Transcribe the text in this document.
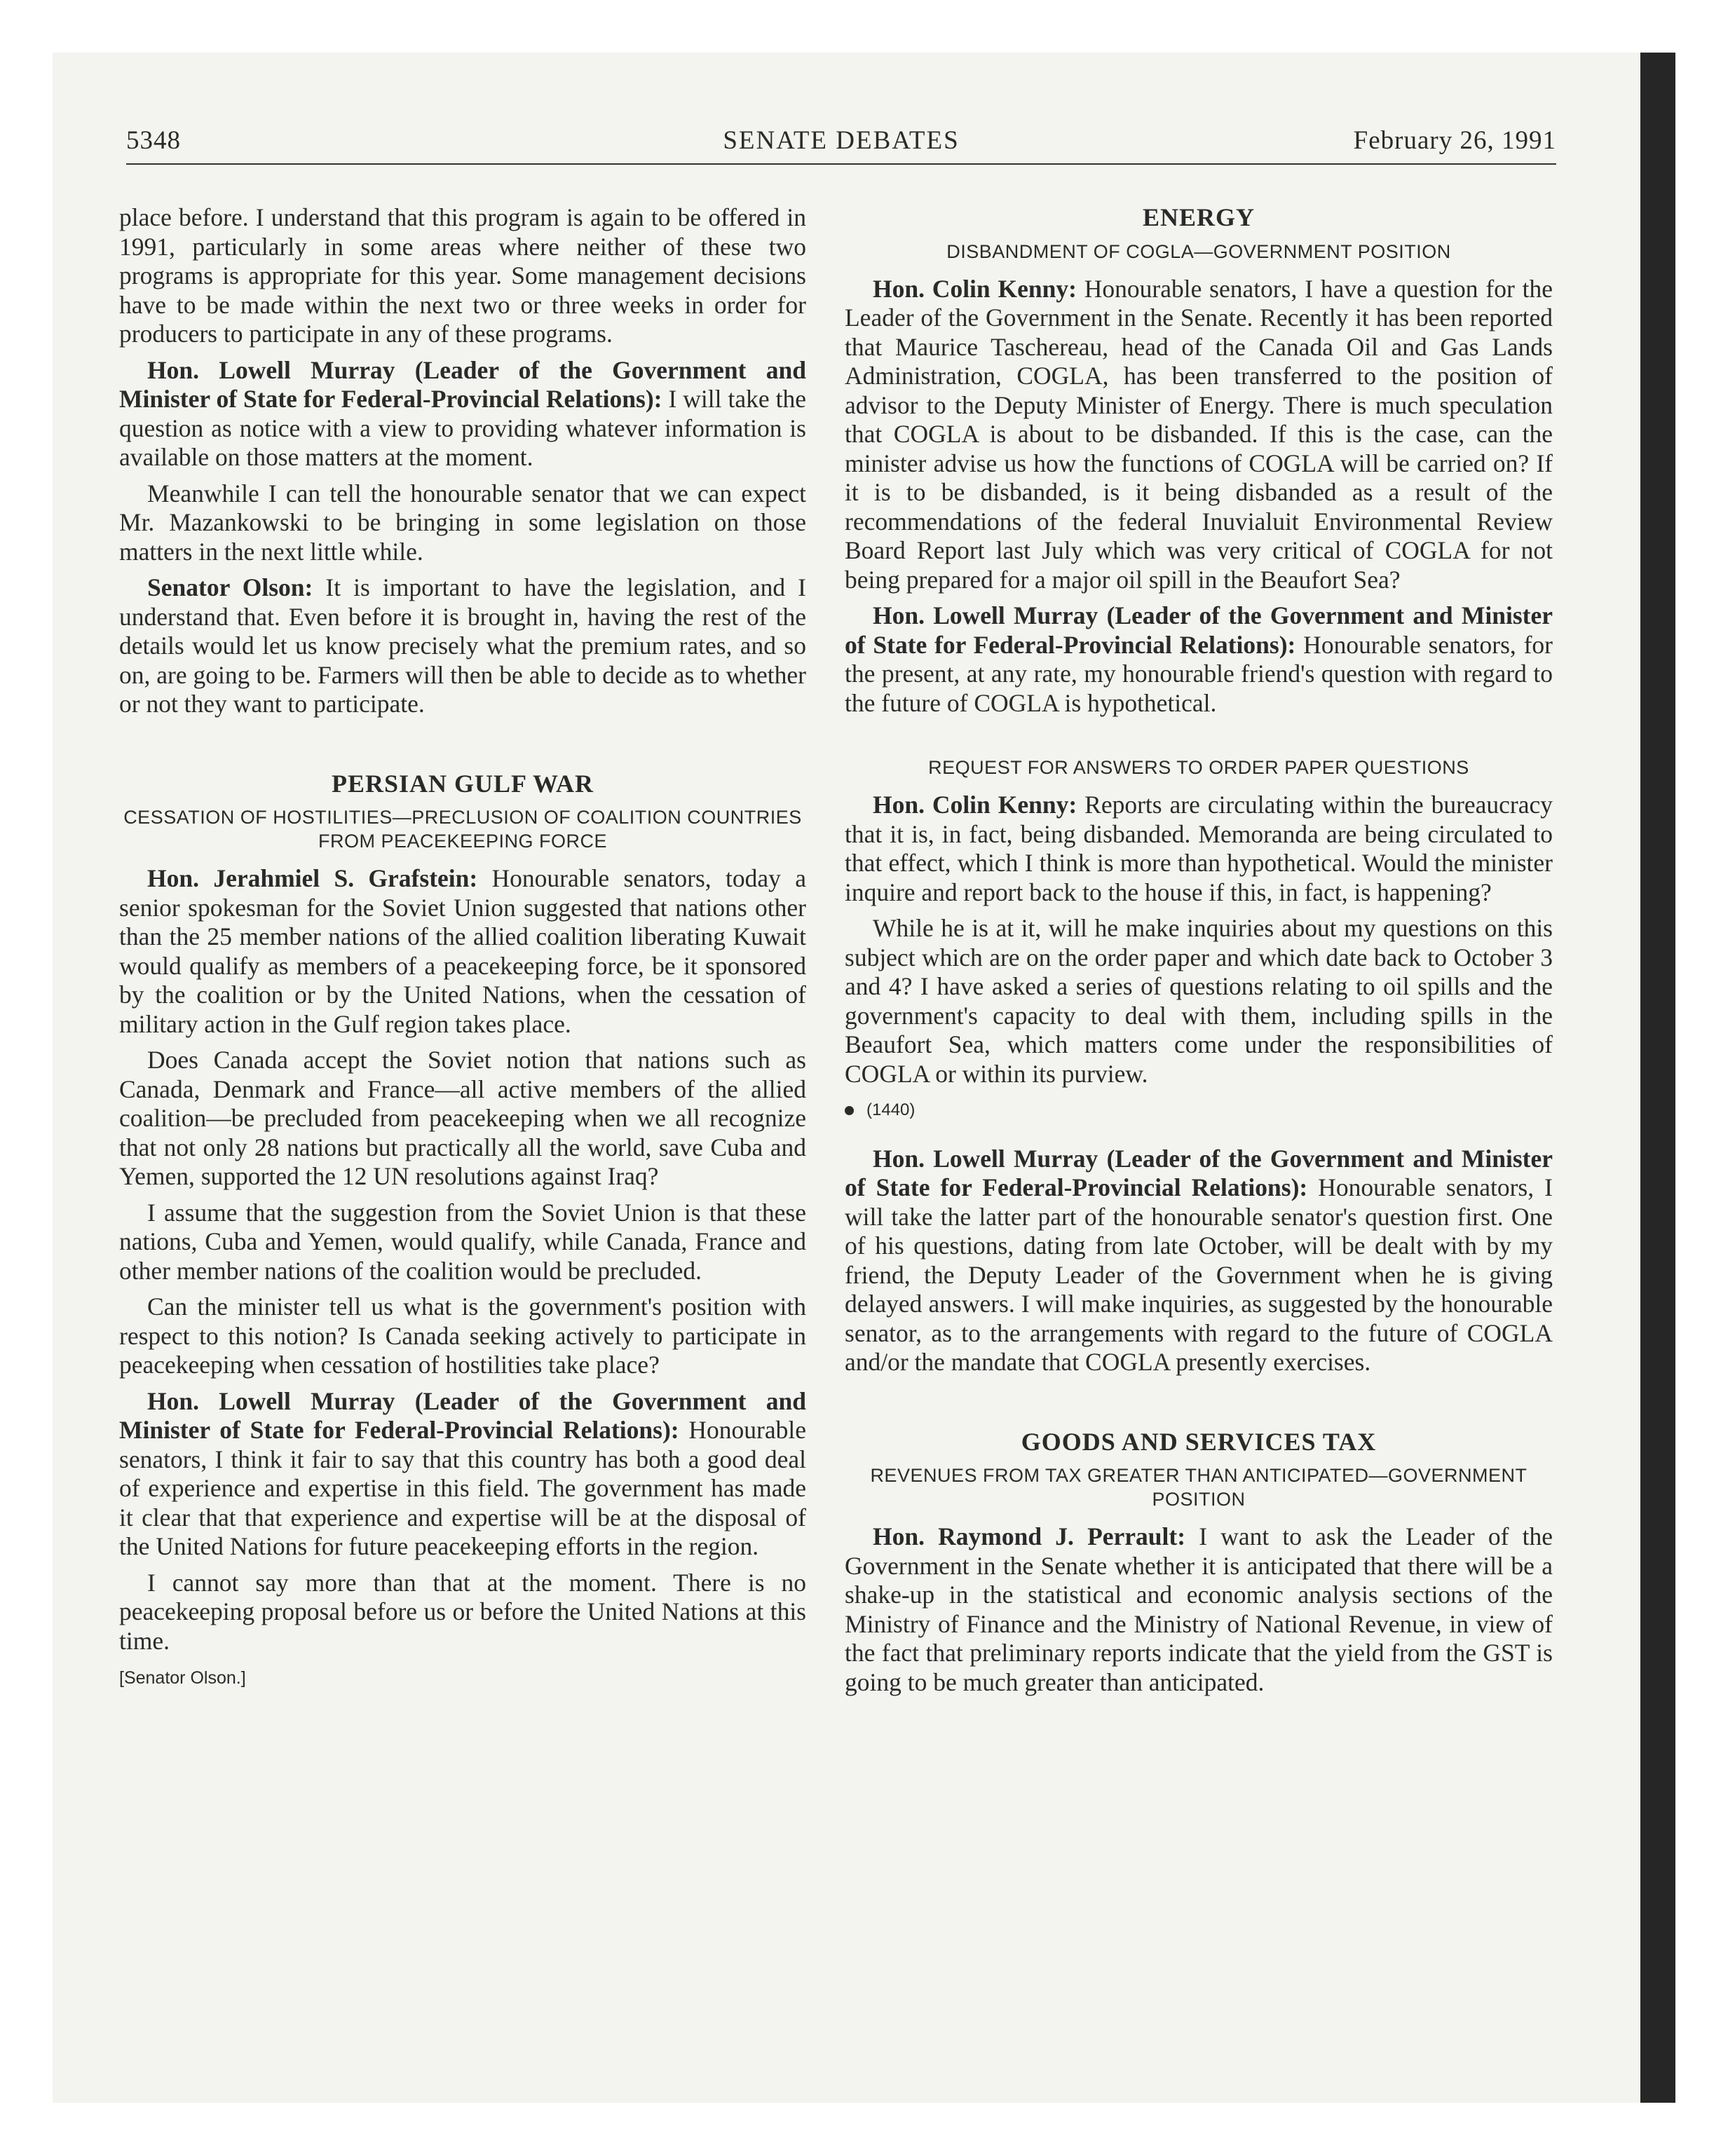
5348	SENATE DEBATES	February 26, 1991

place before. I understand that this program is again to be offered in 1991, particularly in some areas where neither of these two programs is appropriate for this year. Some management decisions have to be made within the next two or three weeks in order for producers to participate in any of these programs.

Hon. Lowell Murray (Leader of the Government and Minister of State for Federal-Provincial Relations): I will take the question as notice with a view to providing whatever information is available on those matters at the moment.

Meanwhile I can tell the honourable senator that we can expect Mr. Mazankowski to be bringing in some legislation on those matters in the next little while.

Senator Olson: It is important to have the legislation, and I understand that. Even before it is brought in, having the rest of the details would let us know precisely what the premium rates, and so on, are going to be. Farmers will then be able to decide as to whether or not they want to participate.

PERSIAN GULF WAR
CESSATION OF HOSTILITIES—PRECLUSION OF COALITION COUNTRIES FROM PEACEKEEPING FORCE

Hon. Jerahmiel S. Grafstein: Honourable senators, today a senior spokesman for the Soviet Union suggested that nations other than the 25 member nations of the allied coalition liberating Kuwait would qualify as members of a peacekeeping force, be it sponsored by the coalition or by the United Nations, when the cessation of military action in the Gulf region takes place.

Does Canada accept the Soviet notion that nations such as Canada, Denmark and France—all active members of the allied coalition—be precluded from peacekeeping when we all recognize that not only 28 nations but practically all the world, save Cuba and Yemen, supported the 12 UN resolutions against Iraq?

I assume that the suggestion from the Soviet Union is that these nations, Cuba and Yemen, would qualify, while Canada, France and other member nations of the coalition would be precluded.

Can the minister tell us what is the government's position with respect to this notion? Is Canada seeking actively to participate in peacekeeping when cessation of hostilities take place?

Hon. Lowell Murray (Leader of the Government and Minister of State for Federal-Provincial Relations): Honourable senators, I think it fair to say that this country has both a good deal of experience and expertise in this field. The government has made it clear that that experience and expertise will be at the disposal of the United Nations for future peacekeeping efforts in the region.

I cannot say more than that at the moment. There is no peacekeeping proposal before us or before the United Nations at this time.

[Senator Olson.]
ENERGY
DISBANDMENT OF COGLA—GOVERNMENT POSITION

Hon. Colin Kenny: Honourable senators, I have a question for the Leader of the Government in the Senate. Recently it has been reported that Maurice Taschereau, head of the Canada Oil and Gas Lands Administration, COGLA, has been transferred to the position of advisor to the Deputy Minister of Energy. There is much speculation that COGLA is about to be disbanded. If this is the case, can the minister advise us how the functions of COGLA will be carried on? If it is to be disbanded, is it being disbanded as a result of the recommendations of the federal Inuvialuit Environmental Review Board Report last July which was very critical of COGLA for not being prepared for a major oil spill in the Beaufort Sea?

Hon. Lowell Murray (Leader of the Government and Minister of State for Federal-Provincial Relations): Honourable senators, for the present, at any rate, my honourable friend's question with regard to the future of COGLA is hypothetical.

REQUEST FOR ANSWERS TO ORDER PAPER QUESTIONS

Hon. Colin Kenny: Reports are circulating within the bureaucracy that it is, in fact, being disbanded. Memoranda are being circulated to that effect, which I think is more than hypothetical. Would the minister inquire and report back to the house if this, in fact, is happening?

While he is at it, will he make inquiries about my questions on this subject which are on the order paper and which date back to October 3 and 4? I have asked a series of questions relating to oil spills and the government's capacity to deal with them, including spills in the Beaufort Sea, which matters come under the responsibilities of COGLA or within its purview.

(1440)

Hon. Lowell Murray (Leader of the Government and Minister of State for Federal-Provincial Relations): Honourable senators, I will take the latter part of the honourable senator's question first. One of his questions, dating from late October, will be dealt with by my friend, the Deputy Leader of the Government when he is giving delayed answers. I will make inquiries, as suggested by the honourable senator, as to the arrangements with regard to the future of COGLA and/or the mandate that COGLA presently exercises.

GOODS AND SERVICES TAX
REVENUES FROM TAX GREATER THAN ANTICIPATED—GOVERNMENT POSITION

Hon. Raymond J. Perrault: I want to ask the Leader of the Government in the Senate whether it is anticipated that there will be a shake-up in the statistical and economic analysis sections of the Ministry of Finance and the Ministry of National Revenue, in view of the fact that preliminary reports indicate that the yield from the GST is going to be much greater than anticipated.
